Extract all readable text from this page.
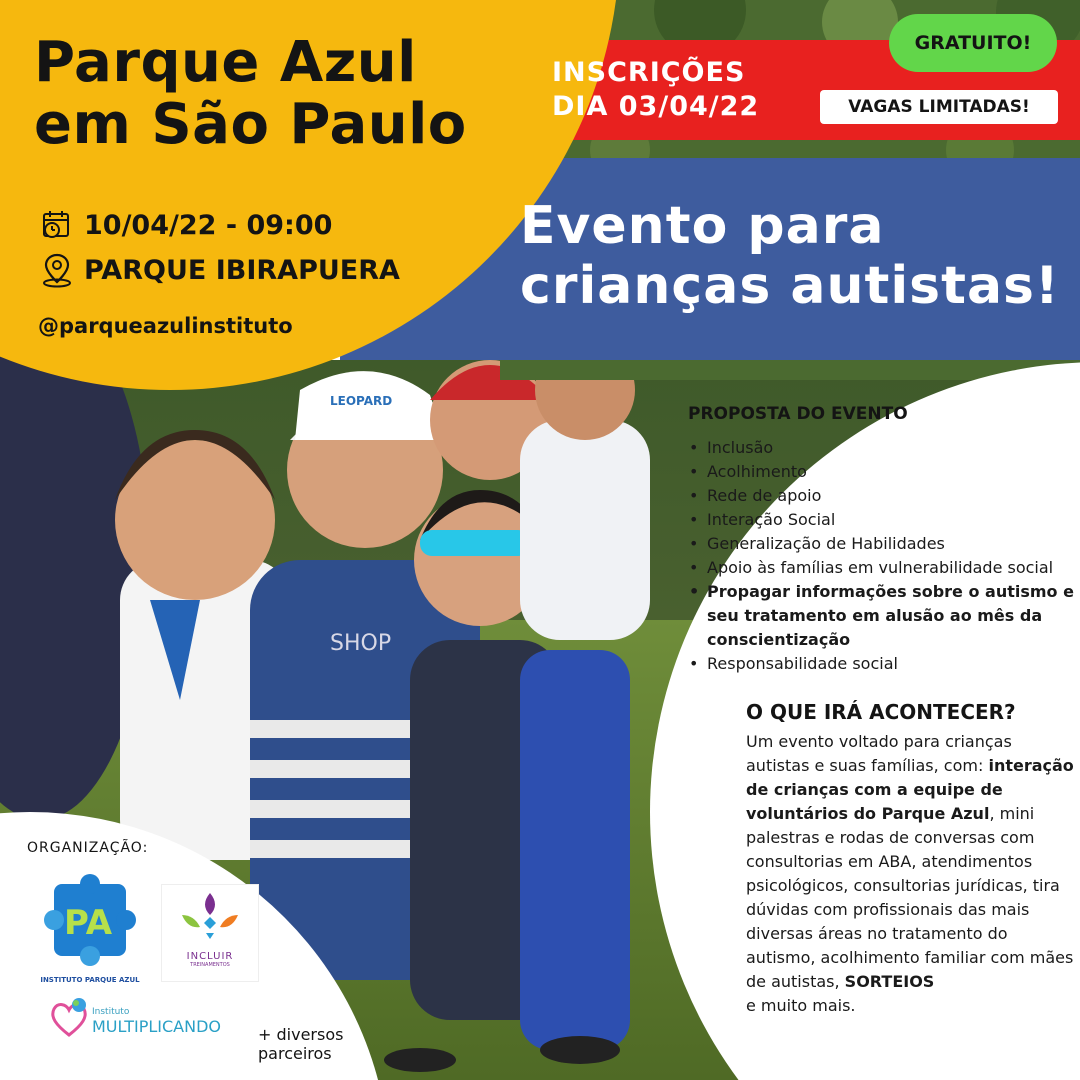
SHOP
LEOPARD
Parque Azul
em São Paulo
10/04/22 - 09:00
PARQUE IBIRAPUERA
@parqueazulinstituto
INSCRIÇÕES
DIA 03/04/22
GRATUITO!
VAGAS LIMITADAS!
Evento para
crianças autistas!
PROPOSTA DO EVENTO
• Inclusão
• Acolhimento
• Rede de apoio
• Interação Social
• Generalização de Habilidades
• Apoio às famílias em vulnerabilidade social
• Propagar informações sobre o autismo e seu tratamento em alusão ao mês da conscientização
• Responsabilidade social
O QUE IRÁ ACONTECER?

Um evento voltado para crianças autistas e suas famílias, com: interação de crianças com a equipe de voluntários do Parque Azul, mini palestras e rodas de conversas com consultorias em ABA, atendimentos psicológicos, consultorias jurídicas, tira dúvidas com profissionais das mais diversas áreas no tratamento do autismo, acolhimento familiar com mães de autistas, SORTEIOS
e muito mais.

ORGANIZAÇÃO:
PA
INSTITUTO PARQUE AZUL
INCLUIR
TREINAMENTOS
Instituto
MULTIPLICANDO + diversos
parceiros
